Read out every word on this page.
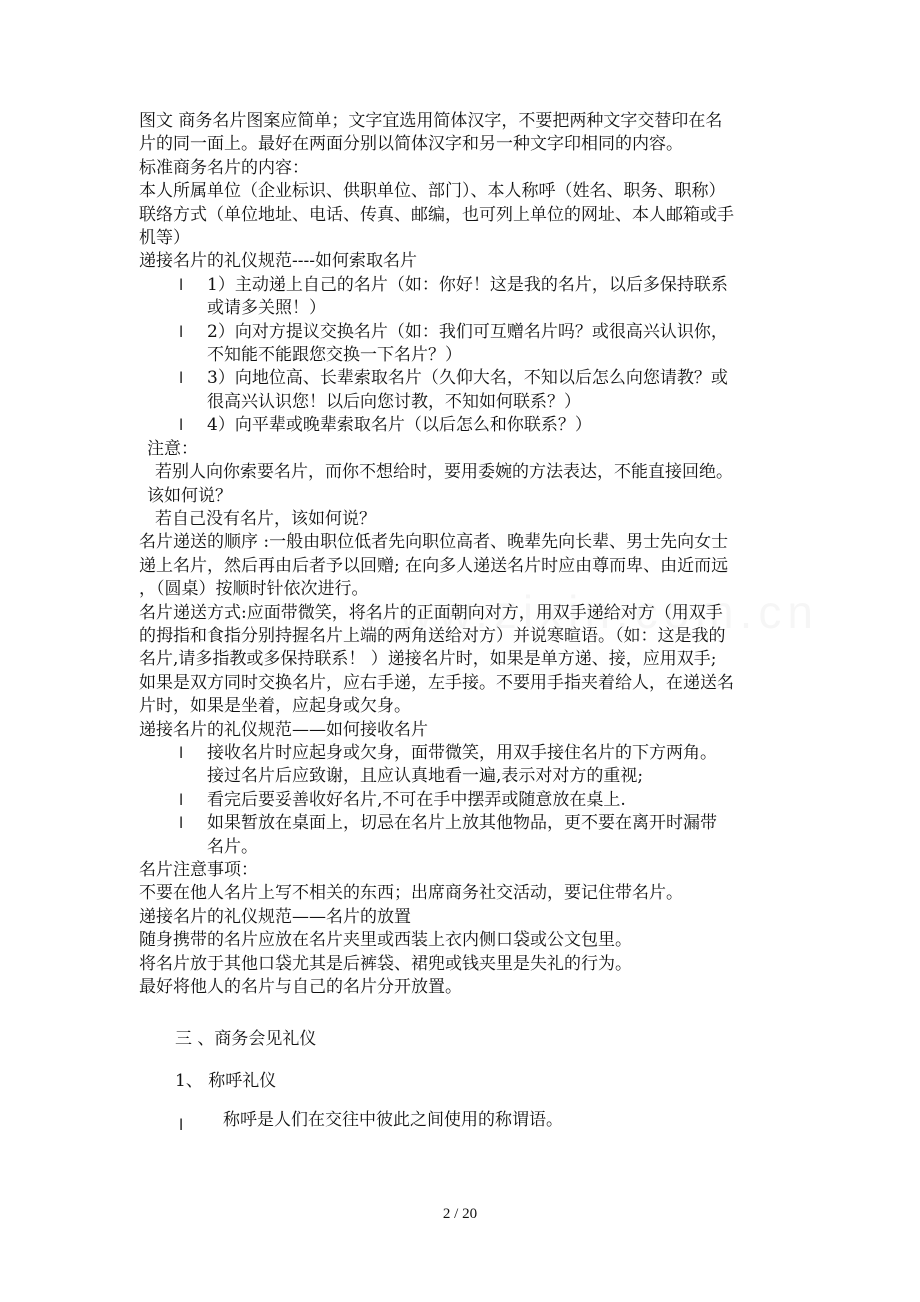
图文 商务名片图案应简单；文字宜选用简体汉字，不要把两种文字交替印在名

片的同一面上。最好在两面分别以简体汉字和另一种文字印相同的内容。

标准商务名片的内容：

本人所属单位（企业标识、供职单位、部门）、本人称呼（姓名、职务、职称）

联络方式（单位地址、电话、传真、邮编，也可列上单位的网址、本人邮箱或手

机等）

递接名片的礼仪规范----如何索取名片

l 1）主动递上自己的名片（如：你好！这是我的名片，以后多保持联系
或请多关照！）
l 2）向对方提议交换名片（如：我们可互赠名片吗？或很高兴认识你，
不知能不能跟您交换一下名片？）
l 3）向地位高、长辈索取名片（久仰大名，不知以后怎么向您请教？或
很高兴认识您！以后向您讨教，不知如何联系？）
l 4）向平辈或晚辈索取名片（以后怎么和你联系？）

注意：

若别人向你索要名片，而你不想给时，要用委婉的方法表达，不能直接回绝。

该如何说？

若自己没有名片，该如何说？

名片递送的顺序 :一般由职位低者先向职位高者、晚辈先向长辈、男士先向女士

递上名片，然后再由后者予以回赠; 在向多人递送名片时应由尊而卑、由近而远

，（圆桌）按顺时针依次进行。

名片递送方式:应面带微笑，将名片的正面朝向对方，用双手递给对方（用双手

的拇指和食指分别持握名片上端的两角送给对方）并说寒暄语。（如：这是我的

名片,请多指教或多保持联系！ ）递接名片时，如果是单方递、接，应用双手;

如果是双方同时交换名片，应右手递，左手接。不要用手指夹着给人，在递送名

片时，如果是坐着，应起身或欠身。

递接名片的礼仪规范——如何接收名片

l 接收名片时应起身或欠身，面带微笑，用双手接住名片的下方两角。
接过名片后应致谢，且应认真地看一遍,表示对对方的重视;
l 看完后要妥善收好名片,不可在手中摆弄或随意放在桌上.
l 如果暂放在桌面上，切忌在名片上放其他物品，更不要在离开时漏带
名片。

名片注意事项：

不要在他人名片上写不相关的东西；出席商务社交活动，要记住带名片。

递接名片的礼仪规范——名片的放置

随身携带的名片应放在名片夹里或西装上衣内侧口袋或公文包里。

将名片放于其他口袋尤其是后裤袋、裙兜或钱夹里是失礼的行为。

最好将他人的名片与自己的名片分开放置。

三 、商务会见礼仪

1、 称呼礼仪

l	称呼是人们在交往中彼此之间使用的称谓语。
2 / 20
